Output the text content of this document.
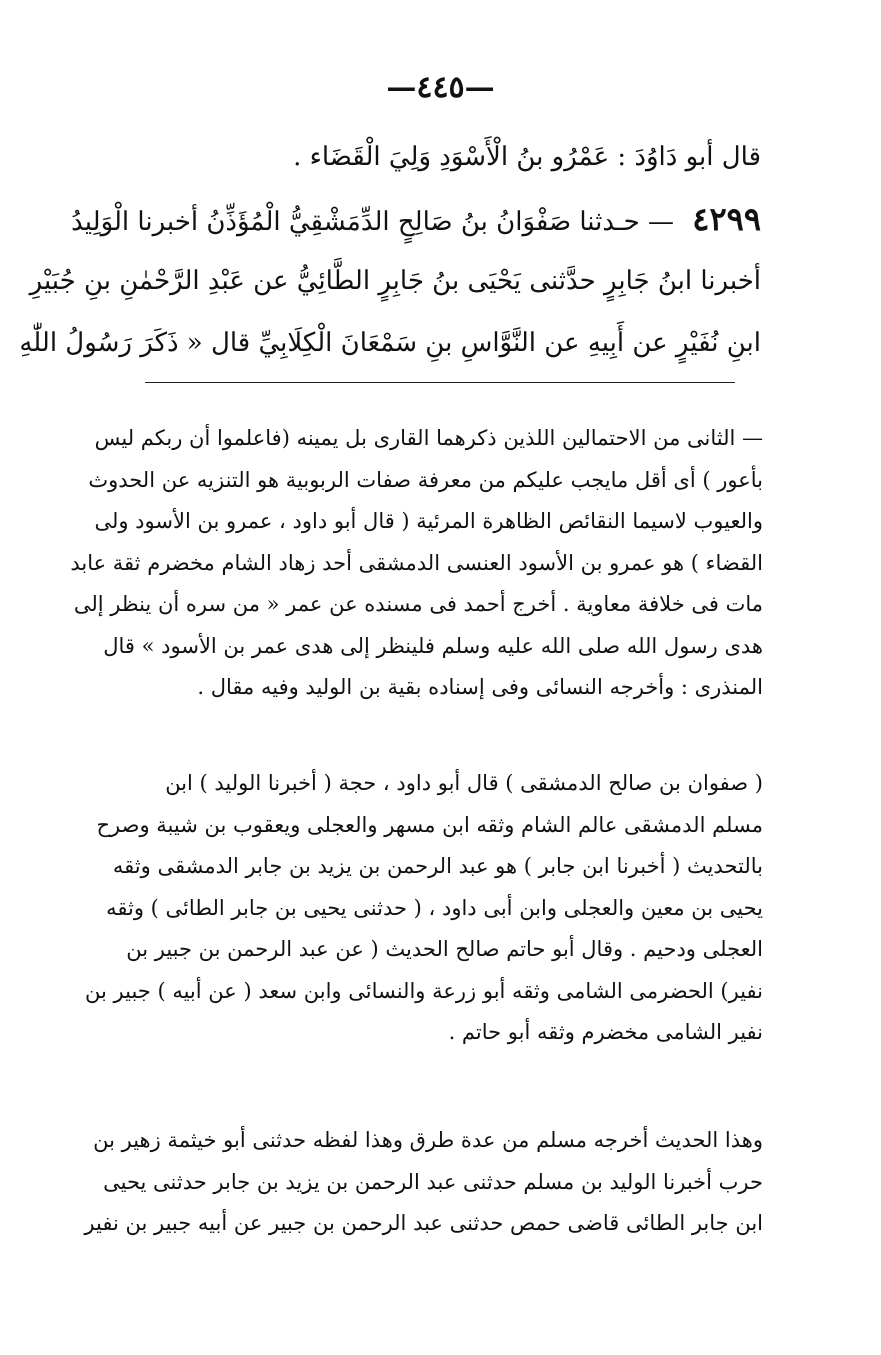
—٤٤٥—
قال أبو دَاوُدَ : عَمْرُو بنُ الْأَسْوَدِ وَلِيَ الْقَضَاء .
٤٢٩٩ — حـدثنا صَفْوَانُ بنُ صَالِحٍ الدِّمَشْقِيُّ الْمُؤَذِّنُ أخبرنا الْوَلِيدُ
أخبرنا ابنُ جَابِرٍ حدَّثنى يَحْيَى بنُ جَابِرٍ الطَّائِيُّ عن عَبْدِ الرَّحْمٰنِ بنِ جُبَيْرِ
ابنِ نُفَيْرٍ عن أَبِيهِ عن النَّوَّاسِ بنِ سَمْعَانَ الْكِلَابِيِّ قال « ذَكَرَ رَسُولُ اللّٰهِ
— الثانى من الاحتمالين اللذين ذكرهما القارى بل يمينه (فاعلموا أن ربكم ليس
بأعور ) أى أقل مايجب عليكم من معرفة صفات الربوبية هو التنزيه عن الحدوث
والعيوب لاسيما النقائص الظاهرة المرئية ( قال أبو داود ، عمرو بن الأسود ولى
القضاء ) هو عمرو بن الأسود العنسى الدمشقى أحد زهاد الشام مخضرم ثقة عابد
مات فى خلافة معاوية . أخرج أحمد فى مسنده عن عمر « من سره أن ينظر إلى
هدى رسول الله صلى الله عليه وسلم فلينظر إلى هدى عمر بن الأسود » قال
المنذرى : وأخرجه النسائى وفى إسناده بقية بن الوليد وفيه مقال .
( صفوان بن صالح الدمشقى ) قال أبو داود ، حجة ( أخبرنا الوليد ) ابن
مسلم الدمشقى عالم الشام وثقه ابن مسهر والعجلى ويعقوب بن شيبة وصرح
بالتحديث ( أخبرنا ابن جابر ) هو عبد الرحمن بن يزيد بن جابر الدمشقى وثقه
يحيى بن معين والعجلى وابن أبى داود ، ( حدثنى يحيى بن جابر الطائى ) وثقه
العجلى ودحيم . وقال أبو حاتم صالح الحديث ( عن عبد الرحمن بن جبير بن
نفير) الحضرمى الشامى وثقه أبو زرعة والنسائى وابن سعد ( عن أبيه ) جبير بن
نفير الشامى مخضرم وثقه أبو حاتم .
وهذا الحديث أخرجه مسلم من عدة طرق وهذا لفظه حدثنى أبو خيثمة زهير بن
حرب أخبرنا الوليد بن مسلم حدثنى عبد الرحمن بن يزيد بن جابر حدثنى يحيى
ابن جابر الطائى قاضى حمص حدثنى عبد الرحمن بن جبير عن أبيه جبير بن نفير
